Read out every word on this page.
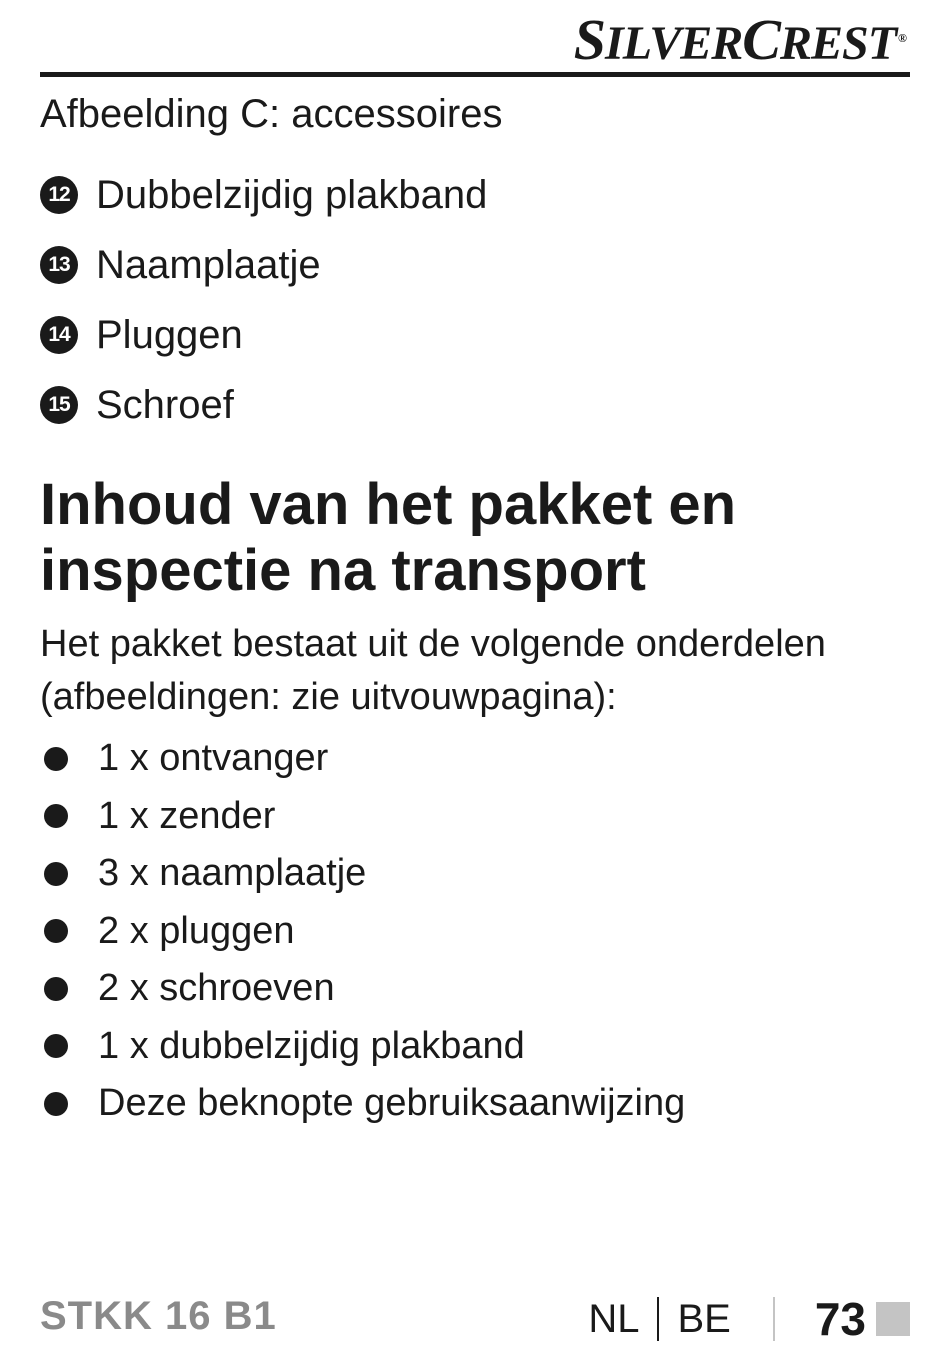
SILVERCREST ®
Afbeelding C: accessoires
12 Dubbelzijdig plakband
13 Naamplaatje
14 Pluggen
15 Schroef
Inhoud van het pakket en
inspectie na transport

Het pakket bestaat uit de volgende onderdelen
(afbeeldingen: zie uitvouwpagina):

1 x ontvanger
1 x zender
3 x naamplaatje
2 x pluggen
2 x schroeven
1 x dubbelzijdig plakband
Deze beknopte gebruiksaanwijzing
STKK 16 B1	NL BE 73
